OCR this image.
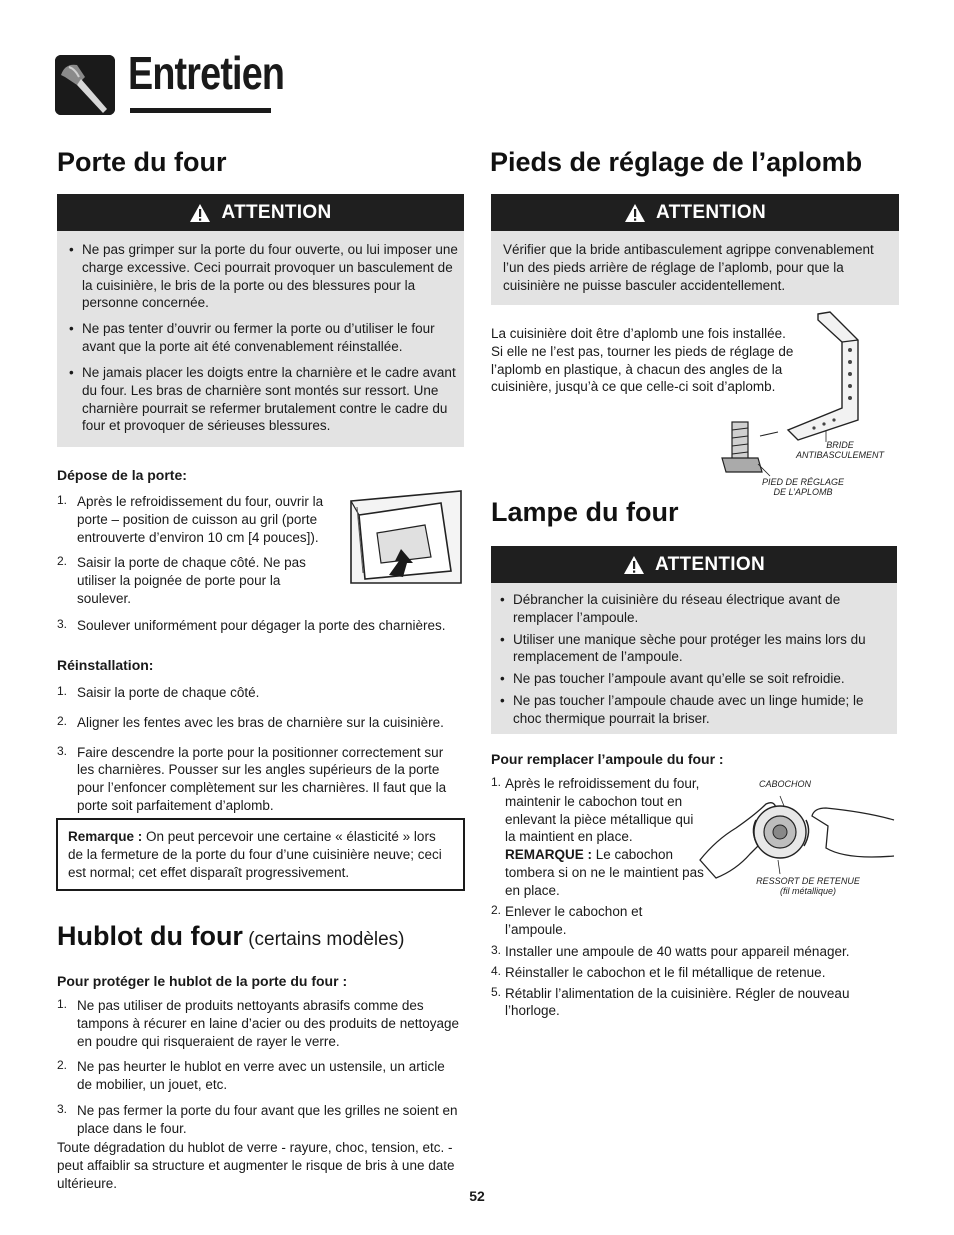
Entretien
Porte du four
ATTENTION
• Ne pas grimper sur la porte du four ouverte, ou lui imposer une charge excessive. Ceci pourrait provoquer un basculement de la cuisinière, le bris de la porte ou des blessures pour la personne concernée.
• Ne pas tenter d’ouvrir ou fermer la porte ou d’utiliser le four avant que la porte ait été convenablement réinstallée.
• Ne jamais placer les doigts entre la charnière et le cadre avant du four. Les bras de charnière sont montés sur ressort. Une charnière pourrait se refermer brutalement contre le cadre du four et provoquer de sérieuses blessures.
Dépose de la porte:
1. Après le refroidissement du four, ouvrir la porte – position de cuisson au gril (porte entrouverte d’environ 10 cm [4 pouces]).
2. Saisir la porte de chaque côté. Ne pas utiliser la poignée de porte pour la soulever.
3. Soulever uniformément pour dégager la porte des charnières.
Réinstallation:
1. Saisir la porte de chaque côté.
2. Aligner les fentes avec les bras de charnière sur la cuisinière.
3. Faire descendre la porte pour la positionner correctement sur les charnières. Pousser sur les angles supérieurs de la porte pour l’enfoncer complètement sur les charnières. Il faut que la porte soit parfaitement d’aplomb.
Remarque : On peut percevoir une certaine « élasticité » lors de la fermeture de la porte du four d’une cuisinière neuve; ceci est normal; cet effet disparaît progressivement.
Hublot du four (certains modèles)
Pour protéger le hublot de la porte du four :
1. Ne pas utiliser de produits nettoyants abrasifs comme des tampons à récurer en laine d’acier ou des produits de nettoyage en poudre qui risqueraient de rayer le verre.
2. Ne pas heurter le hublot en verre avec un ustensile, un article de mobilier, un jouet, etc.
3. Ne pas fermer la porte du four avant que les grilles ne soient en place dans le four.
Toute dégradation du hublot de verre - rayure, choc, tension, etc. - peut affaiblir sa structure et augmenter le risque de bris à une date ultérieure.
Pieds de réglage de l’aplomb
ATTENTION
Vérifier que la bride antibasculement agrippe convenablement l’un des pieds arrière de réglage de l’aplomb, pour que la cuisinière ne puisse basculer accidentellement.
La cuisinière doit être d’aplomb une fois installée. Si elle ne l’est pas, tourner les pieds de réglage de l’aplomb en plastique, à chacun des angles de la cuisinière, jusqu’à ce que celle-ci soit d’aplomb.
BRIDE
ANTIBASCULEMENT
PIED DE RÉGLAGE
DE L’APLOMB
Lampe du four
ATTENTION
• Débrancher la cuisinière du réseau électrique avant de remplacer l’ampoule.
• Utiliser une manique sèche pour protéger les mains lors du remplacement de l’ampoule.
• Ne pas toucher l’ampoule avant qu’elle se soit refroidie.
• Ne pas toucher l’ampoule chaude avec un linge humide; le choc thermique pourrait la briser.
Pour remplacer l’ampoule du four :
1. Après le refroidissement du four, maintenir le cabochon tout en enlevant la pièce métallique qui la maintient en place. REMARQUE : Le cabochon tombera si on ne le maintient pas en place.
2. Enlever le cabochon et l’ampoule.
3. Installer une ampoule de 40 watts pour appareil ménager.
4. Réinstaller le cabochon et le fil métallique de retenue.
5. Rétablir l’alimentation de la cuisinière. Régler de nouveau l’horloge.
CABOCHON
RESSORT DE RETENUE
(fil métallique)
52
